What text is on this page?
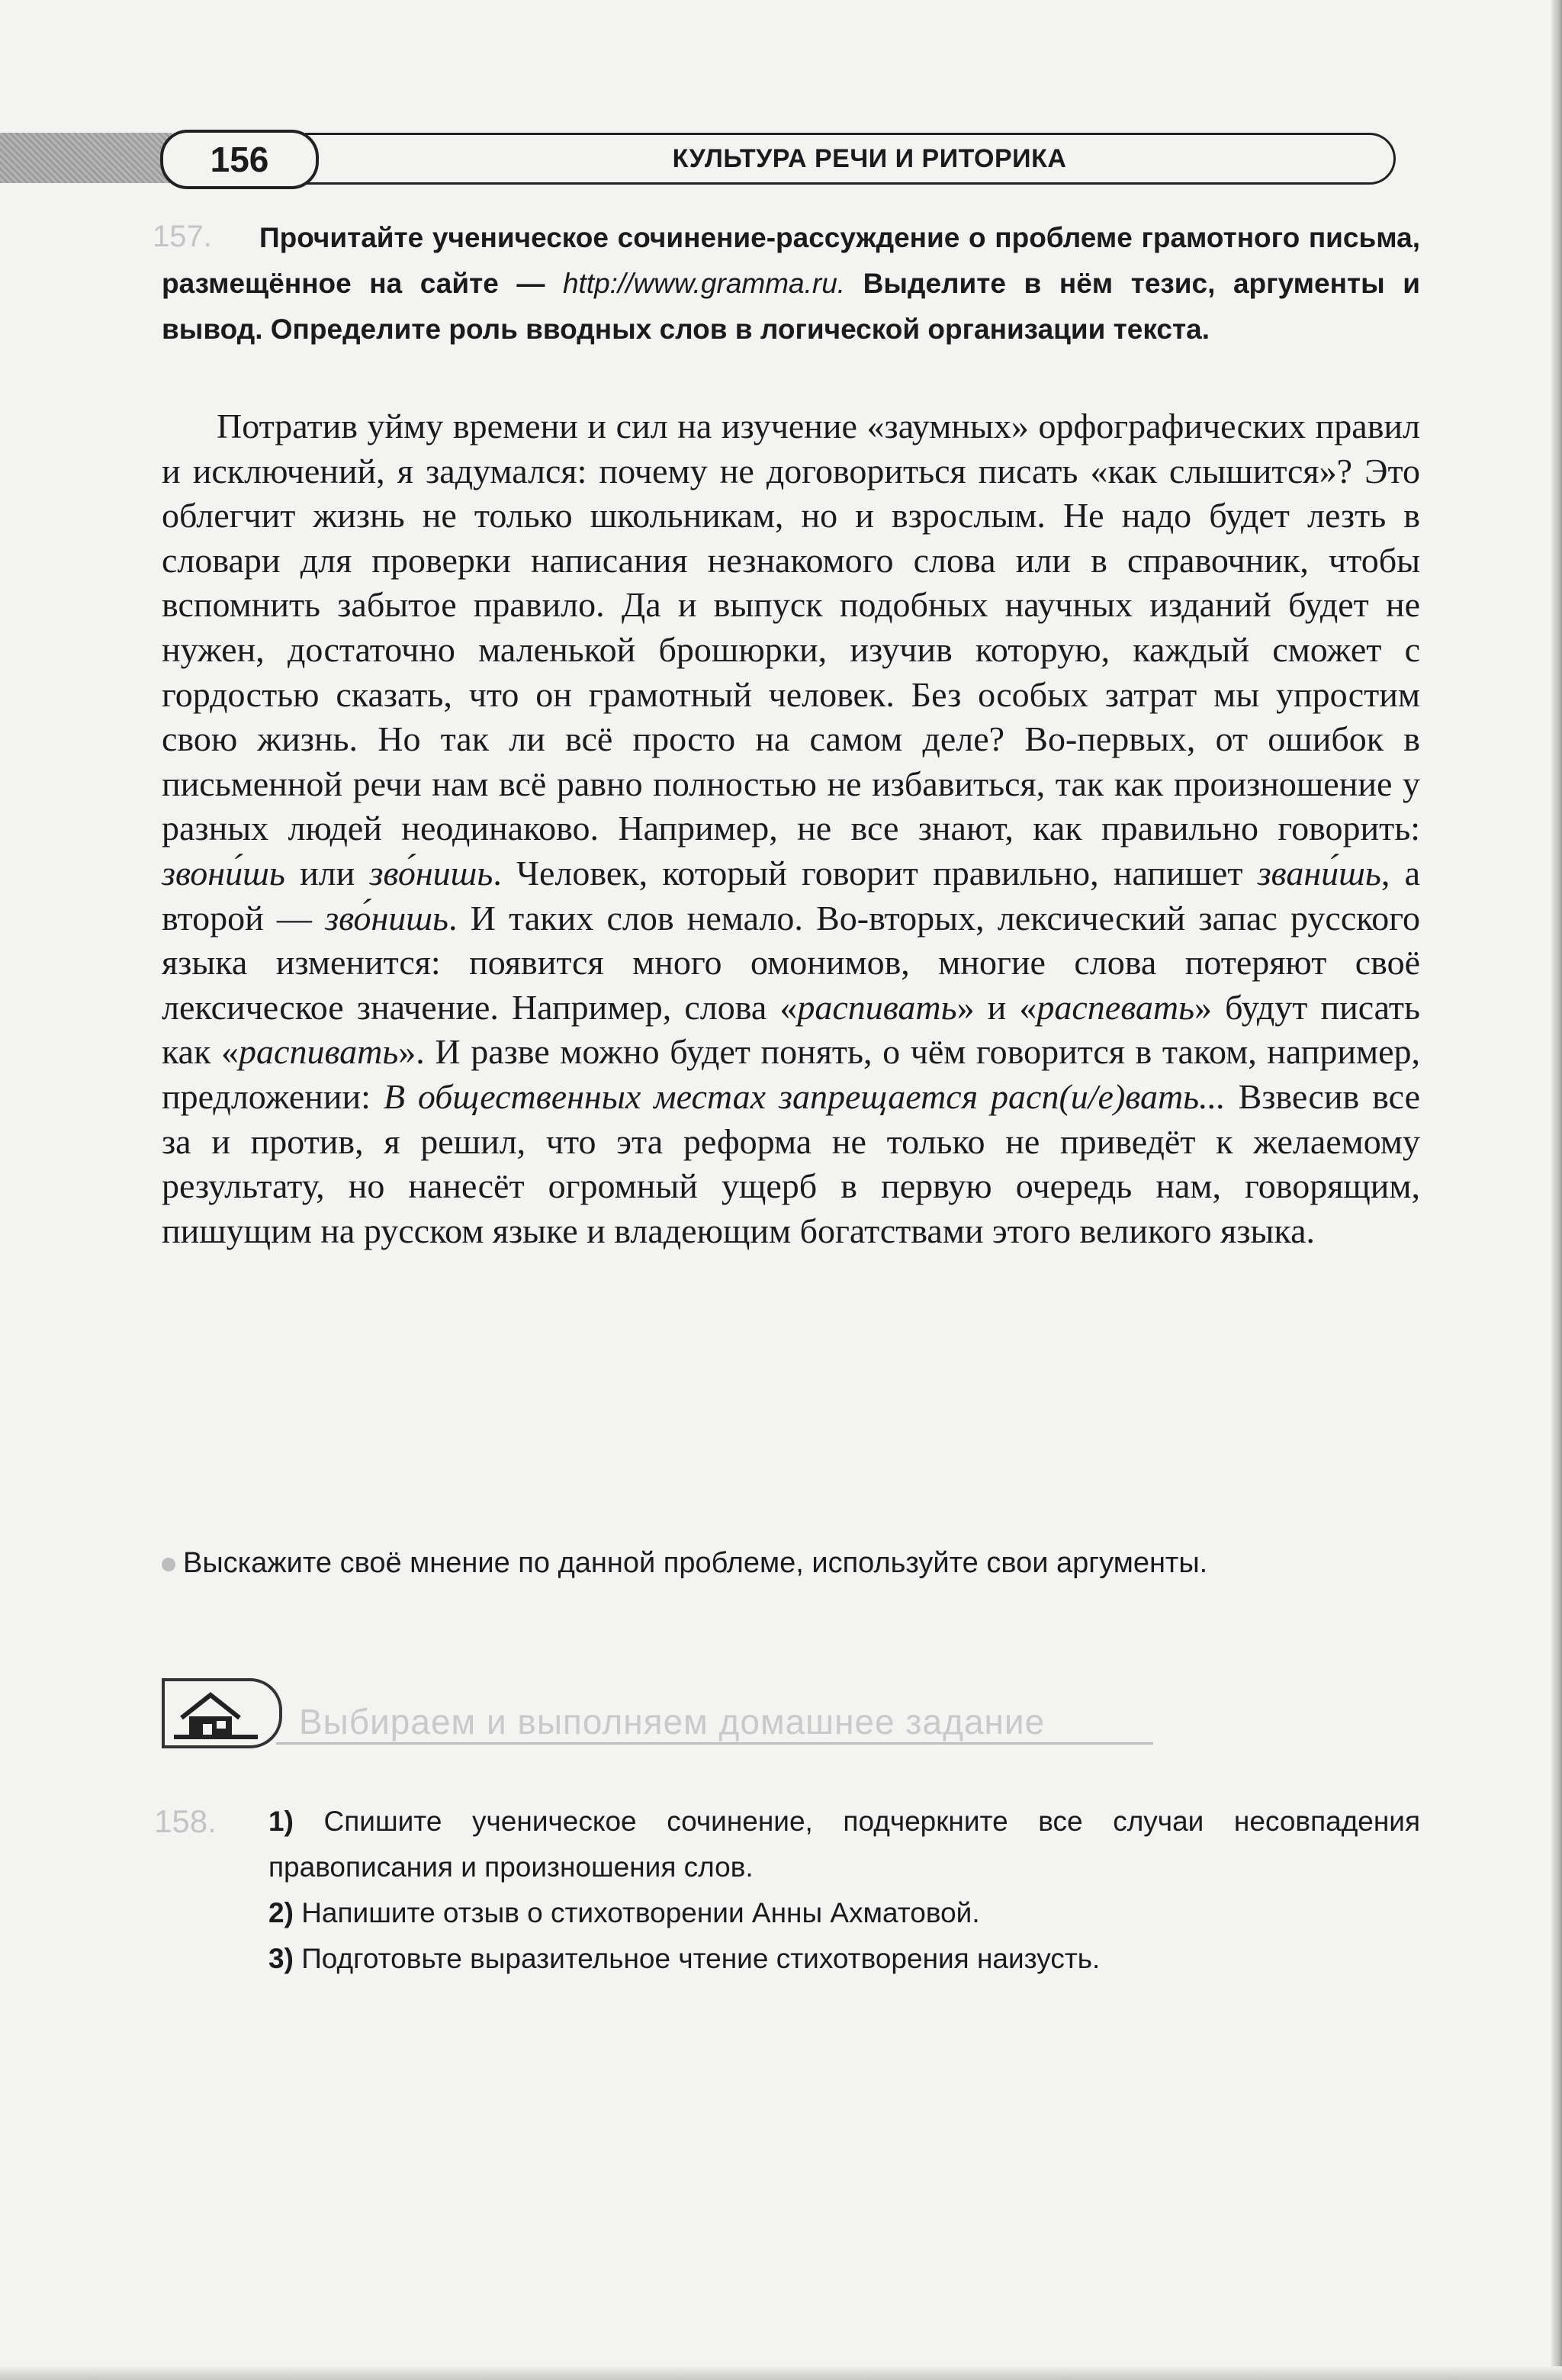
156	КУЛЬТУРА РЕЧИ И РИТОРИКА
157.	Прочитайте ученическое сочинение-рассуждение о проблеме грамотного письма, размещённое на сайте — http://www.gramma.ru. Выделите в нём тезис, аргументы и вывод. Определите роль вводных слов в логической организации текста.

Потратив уйму времени и сил на изучение «заумных» орфографических правил и исключений, я задумался: почему не договориться писать «как слышится»? Это облегчит жизнь не только школьникам, но и взрослым. Не надо будет лезть в словари для проверки написания незнакомого слова или в справочник, чтобы вспомнить забытое правило. Да и выпуск подобных научных изданий будет не нужен, достаточно маленькой брошюрки, изучив которую, каждый сможет с гордостью сказать, что он грамотный человек. Без особых затрат мы упростим свою жизнь. Но так ли всё просто на самом деле? Во-первых, от ошибок в письменной речи нам всё равно полностью не избавиться, так как произношение у разных людей неодинаково. Например, не все знают, как правильно говорить: звони́шь или зво́нишь. Человек, который говорит правильно, напишет звани́шь, а второй — зво́нишь. И таких слов немало. Во-вторых, лексический запас русского языка изменится: появится много омонимов, многие слова потеряют своё лексическое значение. Например, слова «распивать» и «распевать» будут писать как «распивать». И разве можно будет понять, о чём говорится в таком, например, предложении: В общественных местах запрещается расп(и/е)вать... Взвесив все за и против, я решил, что эта реформа не только не приведёт к желаемому результату, но нанесёт огромный ущерб в первую очередь нам, говорящим, пишущим на русском языке и владеющим богатствами этого великого языка.

Выскажите своё мнение по данной проблеме, используйте свои аргументы.
Выбираем и выполняем домашнее задание
158.	1) Спишите ученическое сочинение, подчеркните все случаи несовпадения правописания и произношения слов.
2) Напишите отзыв о стихотворении Анны Ахматовой.
3) Подготовьте выразительное чтение стихотворения наизусть.
